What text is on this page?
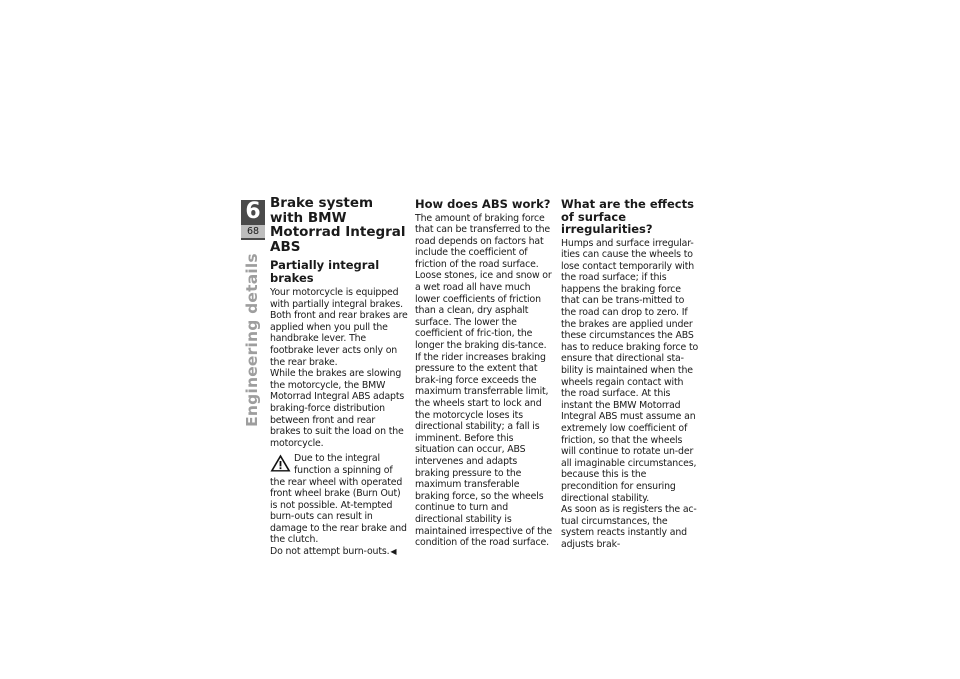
6
68
Engineering details
Brake system with BMW Motorrad Integral ABS
Partially integral brakes

Your motorcycle is equipped with partially integral brakes. Both front and rear brakes are applied when you pull the handbrake lever. The footbrake lever acts only on the rear brake.

While the brakes are slowing the motorcycle, the BMW Motorrad Integral ABS adapts braking-force distribution between front and rear brakes to suit the load on the motorcycle.

Due to the integral function a spinning of the rear wheel with operated front wheel brake (Burn Out) is not possible. At-tempted burn-outs can result in damage to the rear brake and the clutch.

Do not attempt burn-outs.◀

How does ABS work?

The amount of braking force that can be transferred to the road depends on factors hat include the coefficient of friction of the road surface. Loose stones, ice and snow or a wet road all have much lower coefficients of friction than a clean, dry asphalt surface. The lower the coefficient of fric-tion, the longer the braking dis-tance.

If the rider increases braking pressure to the extent that brak-ing force exceeds the maximum transferrable limit, the wheels start to lock and the motorcycle loses its directional stability; a fall is imminent. Before this situation can occur, ABS intervenes and adapts braking pressure to the maximum transferable braking force, so the wheels continue to turn and directional stability is maintained irrespective of the condition of the road surface.

What are the effects of surface irregularities?

Humps and surface irregular-ities can cause the wheels to lose contact temporarily with the road surface; if this happens the braking force that can be trans-mitted to the road can drop to zero. If the brakes are applied under these circumstances the ABS has to reduce braking force to ensure that directional sta-bility is maintained when the wheels regain contact with the road surface. At this instant the BMW Motorrad Integral ABS must assume an extremely low coefficient of friction, so that the wheels will continue to rotate un-der all imaginable circumstances, because this is the precondition for ensuring directional stability.

As soon as is registers the ac-tual circumstances, the system reacts instantly and adjusts brak-
